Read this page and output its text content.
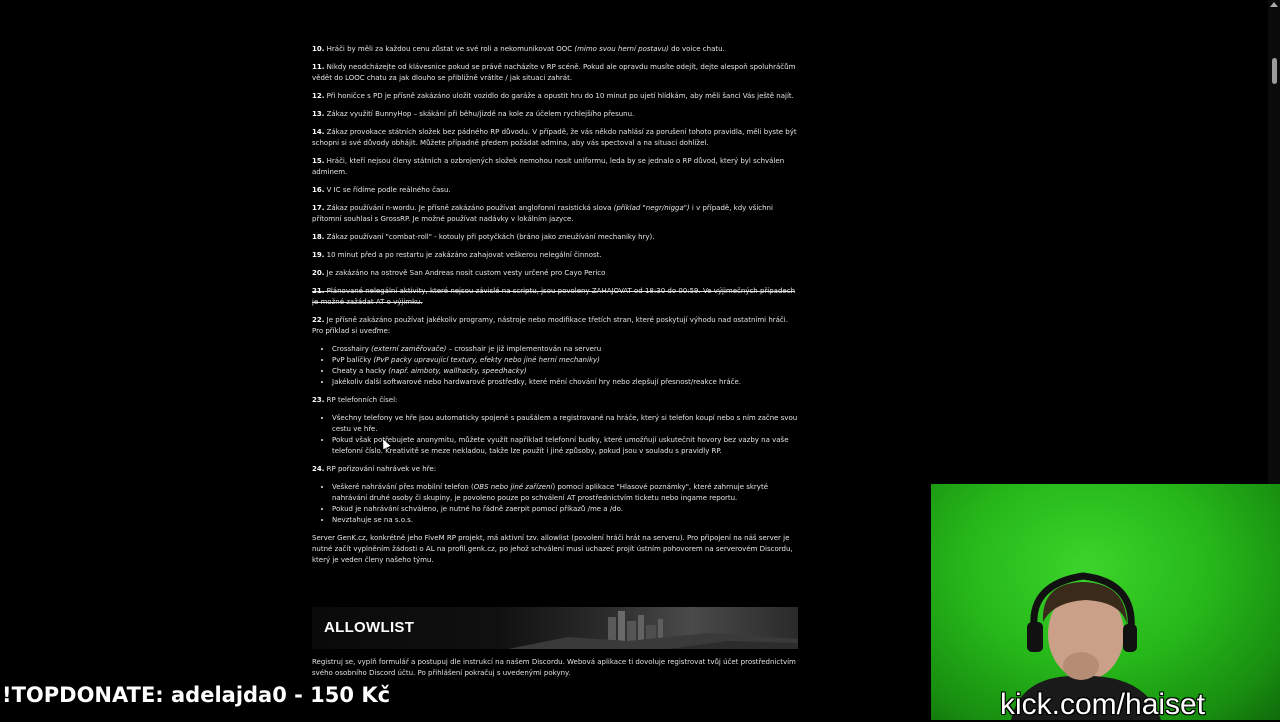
10. Hráči by měli za každou cenu zůstat ve své roli a nekomunikovat OOC (mimo svou herní postavu) do voice chatu.
11. Nikdy neodcházejte od klávesnice pokud se právě nacházíte v RP scéně. Pokud ale opravdu musíte odejít, dejte alespoň spoluhráčům vědět do LOOC chatu za jak dlouho se přibližně vrátíte / jak situaci zahrát.
12. Při honičce s PD je přísně zakázáno uložit vozidlo do garáže a opustit hru do 10 minut po ujetí hlídkám, aby měli šanci Vás ještě najít.
13. Zákaz využití BunnyHop – skákání při běhu/jízdě na kole za účelem rychlejšího přesunu.
14. Zákaz provokace státních složek bez pádného RP důvodu. V případě, že vás někdo nahlásí za porušení tohoto pravidla, měli byste být schopni si své důvody obhájit. Můžete případně předem požádat admina, aby vás spectoval a na situaci dohlížel.
15. Hráči, kteří nejsou členy státních a ozbrojených složek nemohou nosit uniformu, leda by se jednalo o RP důvod, který byl schválen adminem.
16. V IC se řídíme podle reálného času.
17. Zákaz používání n-wordu. Je přísně zakázáno používat anglofonní rasistická slova (příklad "negr/nigga") i v případě, kdy všichni přítomní souhlasí s GrossRP. Je možné používat nadávky v lokálním jazyce.
18. Zákaz používaní "combat-roll" - kotouly při potyčkách (bráno jako zneužívání mechaniky hry).
19. 10 minut před a po restartu je zakázáno zahajovat veškerou nelegální činnost.
20. Je zakázáno na ostrově San Andreas nosit custom vesty určené pro Cayo Perico
21. Plánované nelegální aktivity, které nejsou závislé na scriptu, jsou povoleny ZAHAJOVAT od 18:30 do 00:59. Ve výjimečných případech je možné zažádat AT o výjimku.
22. Je přísně zakázáno používat jakékoliv programy, nástroje nebo modifikace třetích stran, které poskytují výhodu nad ostatními hráči. Pro příklad si uveďme:
• Crosshairy (externí zaměřovače) – crosshair je již implementován na serveru
• PvP balíčky (PvP packy upravující textury, efekty nebo jiné herní mechaniky)
• Cheaty a hacky (např. aimboty, wallhacky, speedhacky)
• Jakékoliv další softwarové nebo hardwarové prostředky, které mění chování hry nebo zlepšují přesnost/reakce hráče.
23. RP telefonních čísel:
• Všechny telefony ve hře jsou automaticky spojené s paušálem a registrované na hráče, který si telefon koupí nebo s ním začne svou cestu ve hře.
• Pokud však potřebujete anonymitu, můžete využít například telefonní budky, které umožňují uskutečnit hovory bez vazby na vaše telefonní číslo. Kreativitě se meze nekladou, takže lze použít i jiné způsoby, pokud jsou v souladu s pravidly RP.
24. RP pořizování nahrávek ve hře:
• Veškeré nahrávání přes mobilní telefon (OBS nebo jiné zařízení) pomocí aplikace "Hlasové poznámky", které zahrnuje skryté nahrávání druhé osoby či skupiny, je povoleno pouze po schválení AT prostřednictvím ticketu nebo ingame reportu.
• Pokud je nahrávání schváleno, je nutné ho řádně zaerpit pomocí příkazů /me a /do.
• Nevztahuje se na s.o.s.
Server GenK.cz, konkrétně jeho FiveM RP projekt, má aktivní tzv. allowlist (povolení hráči hrát na serveru). Pro připojení na náš server je nutné začít vyplněním žádosti o AL na profil.genk.cz, po jehož schválení musí uchazeč projít ústním pohovorem na serverovém Discordu, který je veden členy našeho týmu.
ALLOWLIST
Registruj se, vyplň formulář a postupuj dle instrukcí na našem Discordu. Webová aplikace ti dovoluje registrovat tvůj účet prostřednictvím svého osobního Discord účtu. Po přihlášení pokračuj s uvedenými pokyny.
!TOPDONATE: adelajda0 - 150 Kč	kick.com/haiset
